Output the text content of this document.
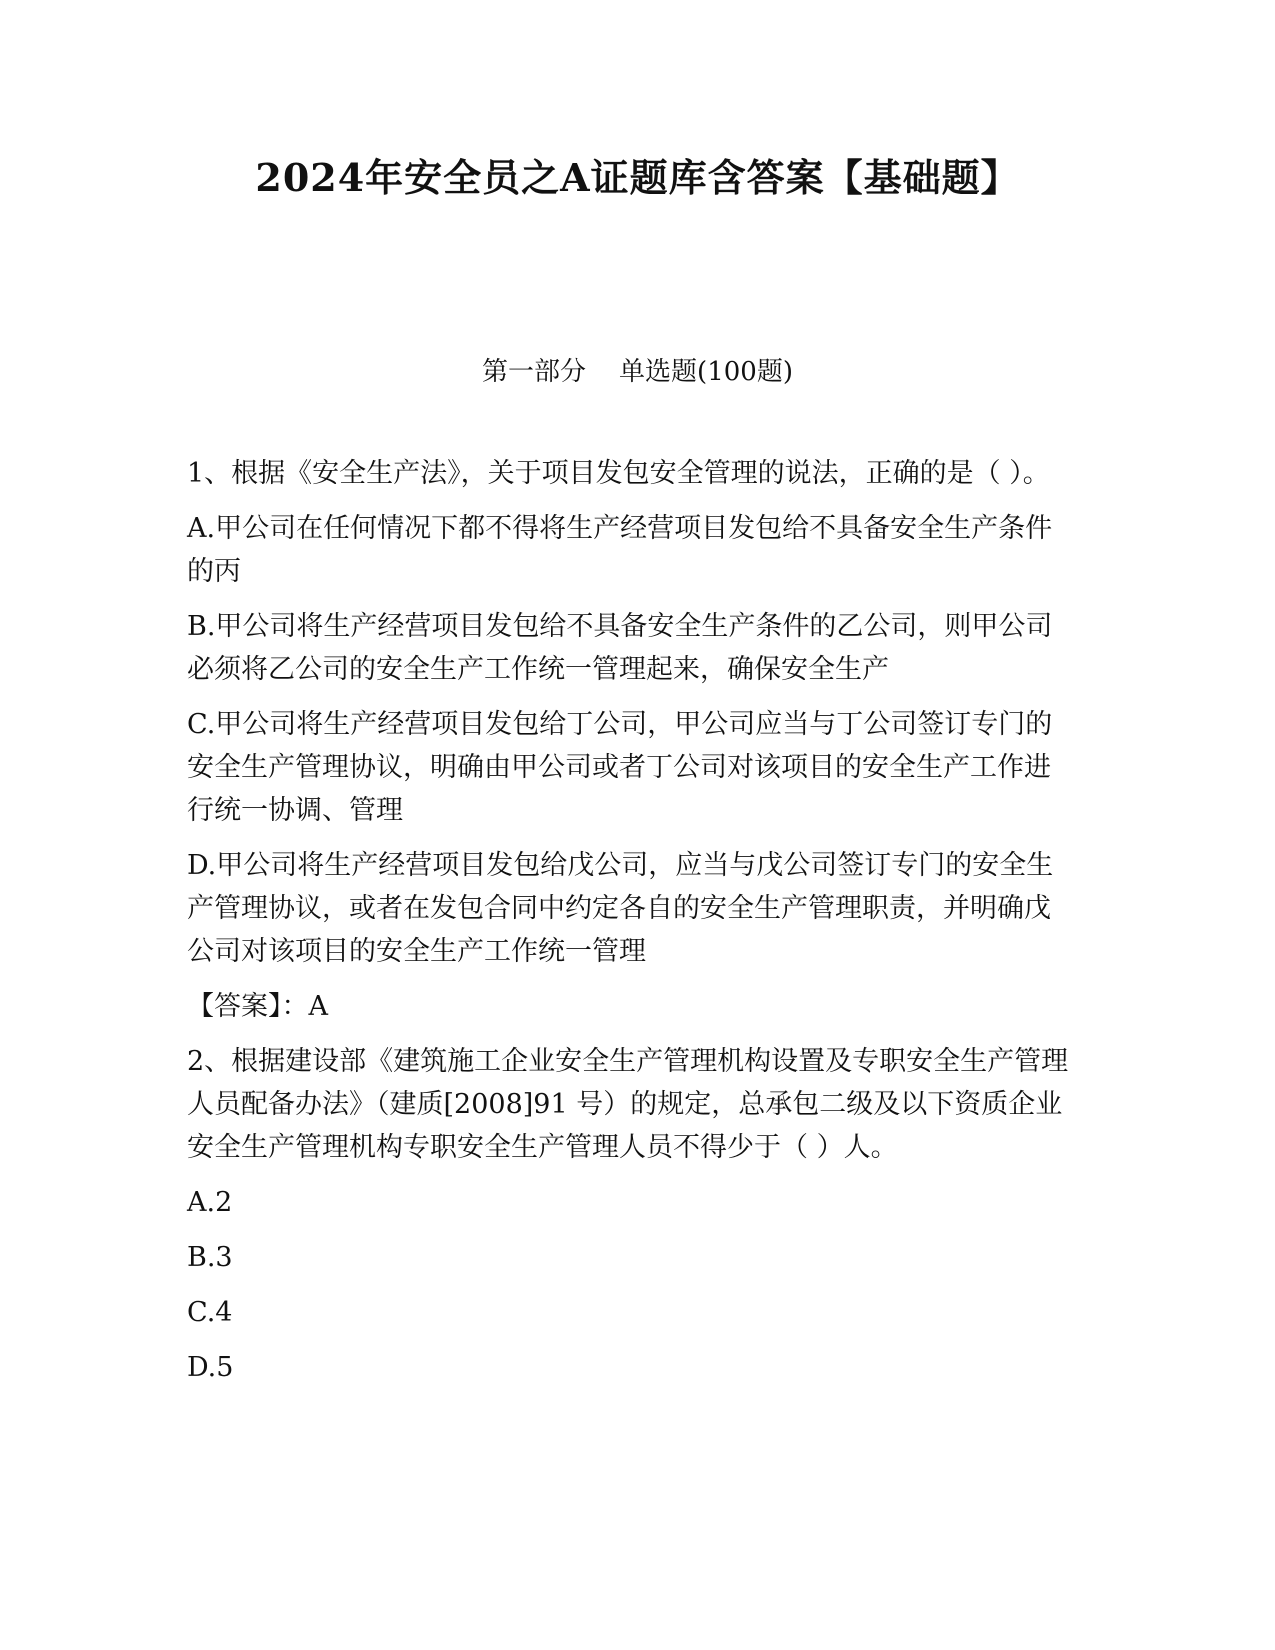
2024年安全员之A证题库含答案【基础题】
第一部分    单选题(100题)

1、根据《安全生产法》，关于项目发包安全管理的说法，正确的是（ ）。

A.甲公司在任何情况下都不得将生产经营项目发包给不具备安全生产条件的丙

B.甲公司将生产经营项目发包给不具备安全生产条件的乙公司，则甲公司必须将乙公司的安全生产工作统一管理起来，确保安全生产

C.甲公司将生产经营项目发包给丁公司，甲公司应当与丁公司签订专门的安全生产管理协议，明确由甲公司或者丁公司对该项目的安全生产工作进行统一协调、管理

D.甲公司将生产经营项目发包给戊公司，应当与戊公司签订专门的安全生产管理协议，或者在发包合同中约定各自的安全生产管理职责，并明确戊公司对该项目的安全生产工作统一管理

【答案】：A

2、根据建设部《建筑施工企业安全生产管理机构设置及专职安全生产管理人员配备办法》（建质[2008]91 号）的规定，总承包二级及以下资质企业安全生产管理机构专职安全生产管理人员不得少于（ ）人。

A.2

B.3

C.4

D.5
